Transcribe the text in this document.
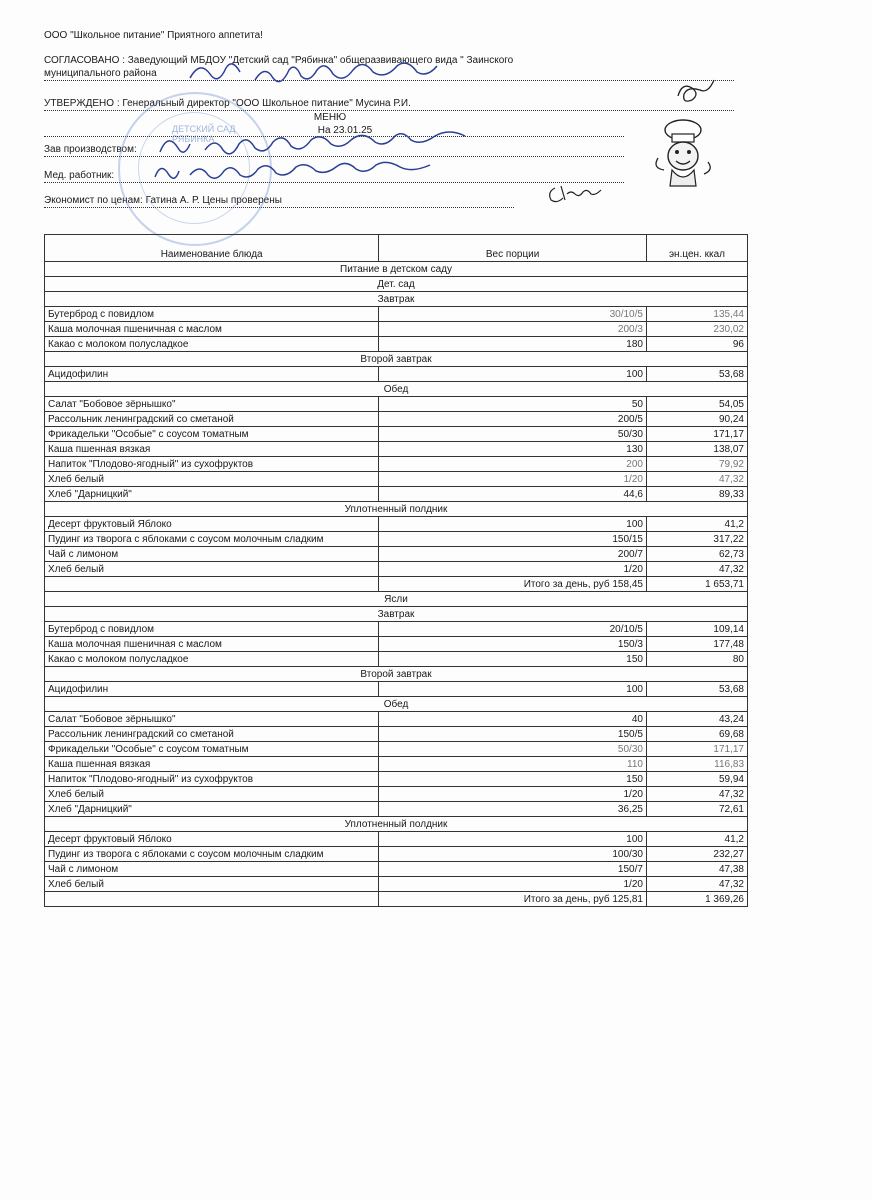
ООО "Школьное питание" Приятного аппетита!
СОГЛАСОВАНО : Заведующий МБДОУ "Детский сад "Рябинка" общеразвивающего вида " Заинского
муниципального района
УТВЕРЖДЕНО : Генеральный директор "ООО Школьное питание" Мусина Р.И.
МЕНЮ
На 23.01.25
Зав производством:
Мед. работник:
Экономист по ценам: Гатина А. Р. Цены проверены
ДЕТСКИЙ САД РЯБИНКА
Наименование блюда	Вес порции	эн.цен. ккал
Питание в детском саду		
Дет. сад		
Завтрак		
Бутерброд с повидлом	30/10/5	135,44
Каша молочная пшеничная с маслом	200/3	230,02
Какао с молоком полусладкое	180	96
Второй завтрак		
Ацидофилин	100	53,68
Обед		
Салат "Бобовое зёрнышко"	50	54,05
Рассольник ленинградский со сметаной	200/5	90,24
Фрикадельки "Особые" с соусом томатным	50/30	171,17
Каша пшенная вязкая	130	138,07
Напиток "Плодово-ягодный" из сухофруктов	200	79,92
Хлеб белый	1/20	47,32
Хлеб "Дарницкий"	44,6	89,33
Уплотненный полдник		
Десерт фруктовый Яблоко	100	41,2
Пудинг из творога с яблоками с соусом молочным сладким	150/15	317,22
Чай с лимоном	200/7	62,73
Хлеб белый	1/20	47,32
	Итого за день, руб 158,45	1 653,71
Ясли		
Завтрак		
Бутерброд с повидлом	20/10/5	109,14
Каша молочная пшеничная с маслом	150/3	177,48
Какао с молоком полусладкое	150	80
Второй завтрак		
Ацидофилин	100	53,68
Обед		
Салат "Бобовое зёрнышко"	40	43,24
Рассольник ленинградский со сметаной	150/5	69,68
Фрикадельки "Особые" с соусом томатным	50/30	171,17
Каша пшенная вязкая	110	116,83
Напиток "Плодово-ягодный" из сухофруктов	150	59,94
Хлеб белый	1/20	47,32
Хлеб "Дарницкий"	36,25	72,61
Уплотненный полдник		
Десерт фруктовый Яблоко	100	41,2
Пудинг из творога с яблоками с соусом молочным сладким	100/30	232,27
Чай с лимоном	150/7	47,38
Хлеб белый	1/20	47,32
	Итого за день, руб 125,81	1 369,26
